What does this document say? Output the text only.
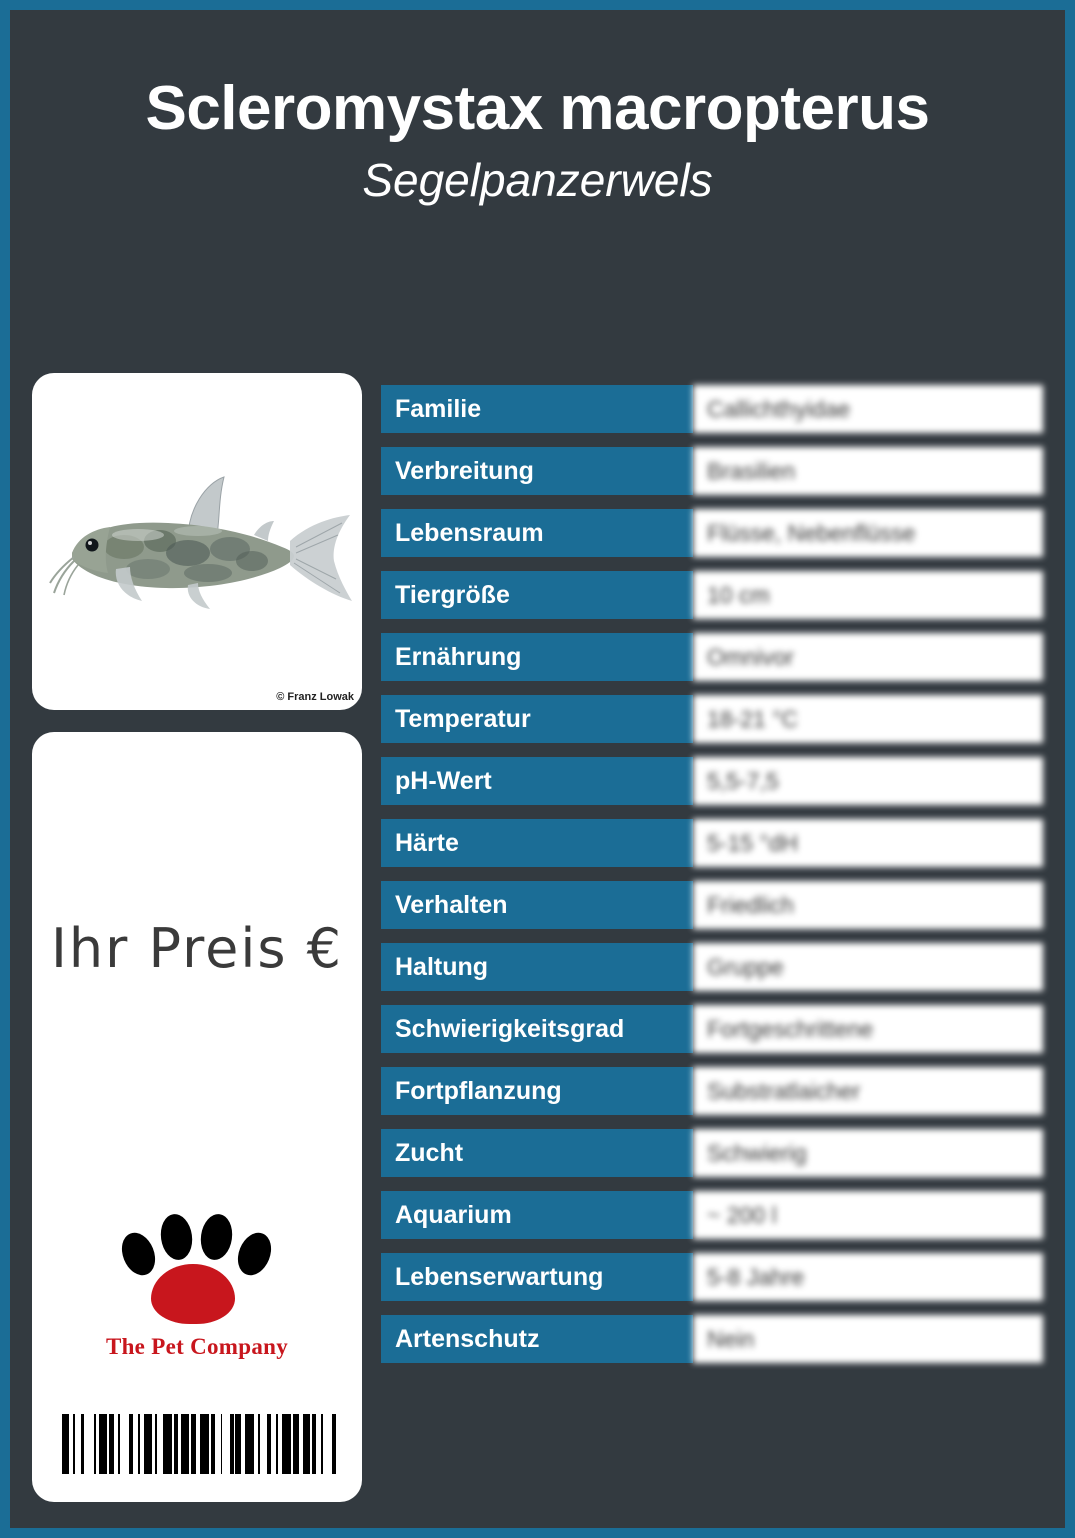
Scleromystax macropterus
Segelpanzerwels
© Franz Lowak
Ihr Preis €
The Pet Company
Familie	Callichthyidae
Verbreitung	Brasilien
Lebensraum	Flüsse, Nebenflüsse
Tiergröße	10 cm
Ernährung	Omnivor
Temperatur	18-21 °C
pH-Wert	5,5-7,5
Härte	5-15 °dH
Verhalten	Friedlich
Haltung	Gruppe
Schwierigkeitsgrad	Fortgeschrittene
Fortpflanzung	Substratlaicher
Zucht	Schwierig
Aquarium	~ 200 l
Lebenserwartung	5-8 Jahre
Artenschutz	Nein
